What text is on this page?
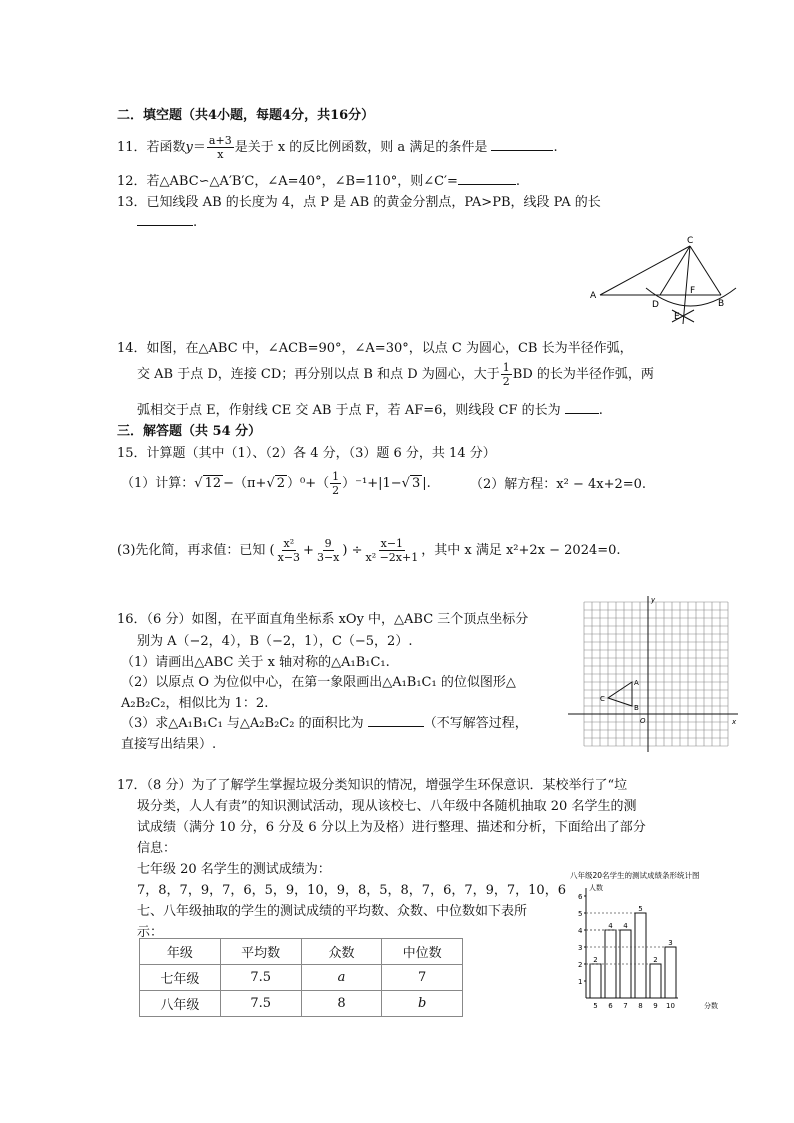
二．填空题（共4小题，每题4分，共16分）
11．若函数$y= \frac{a+3}{x}$ 是关于 x 的反比例函数，则 a 满足的条件是	.
12．若△ABC∽△A′B′C，∠A=40°，∠B=110°，则∠C′=	.
13．已知线段 AB 的长度为 4，点 P 是 AB 的黄金分割点，PA>PB，线段 PA 的长
.
C
A
D
F
B
E
14．如图，在△ABC 中，∠ACB=90°，∠A=30°，以点 C 为圆心，CB 长为半径作弧，
交 AB 于点 D，连接 CD；再分别以点 B 和点 D 为圆心，大于 $\frac{1}{2}$ BD 的长为半径作弧，两
弧相交于点 E，作射线 CE 交 AB 于点 F，若 AF=6，则线段 CF 的长为	.
三．解答题（共 54 分）
15．计算题（其中（1）、（2）各 4 分，（3）题 6 分，共 14 分）
（1）计算：√ 12 −（π+√ 2 ）$^0+( \frac{1}{2} )^{-1}+|1-√$ 3 |.	（2）解方程：x² − 4x+2=0.
(3)先化简，再求值：已知 ( $\frac{\text{x²}}{x-3} + \frac{9}{3-x}$ ) ÷ $\frac{x-1}{\text{x² −2x+1}}$ ，其中 x 满足 x²+2x − 2024=0.
16．（6 分）如图，在平面直角坐标系 xOy 中，△ABC 三个顶点坐标分
别为 A（−2，4），B（−2，1），C（−5，2）.
（1）请画出△ABC 关于 x 轴对称的△A₁B₁C₁.
（2）以原点 O 为位似中心，在第一象限画出△A₁B₁C₁ 的位似图形△
A₂B₂C₂，相似比为 1：2.
（3）求△A₁B₁C₁ 与△A₂B₂C₂ 的面积比为	（不写解答过程，
直接写出结果）.
x
y
O
A
B
C
17．（8 分）为了了解学生掌握垃圾分类知识的情况，增强学生环保意识．某校举行了“垃
圾分类，人人有责”的知识测试活动，现从该校七、八年级中各随机抽取 20 名学生的测
试成绩（满分 10 分，6 分及 6 分以上为及格）进行整理、描述和分析，下面给出了部分
信息：
七年级 20 名学生的测试成绩为：
7，8，7，9，7，6，5，9，10，9，8，5，8，7，6，7，9，7，10，6
七、八年级抽取的学生的测试成绩的平均数、众数、中位数如下表所
示：
年级	平均数	众数	中位数
七年级	7.5	a	7
八年级	7.5	8	b
八年级20名学生的测试成绩条形统计图
人数
分数
1
2
3
4
5
6
2
5
4
6
4
7
5
8
2
9
3
10
